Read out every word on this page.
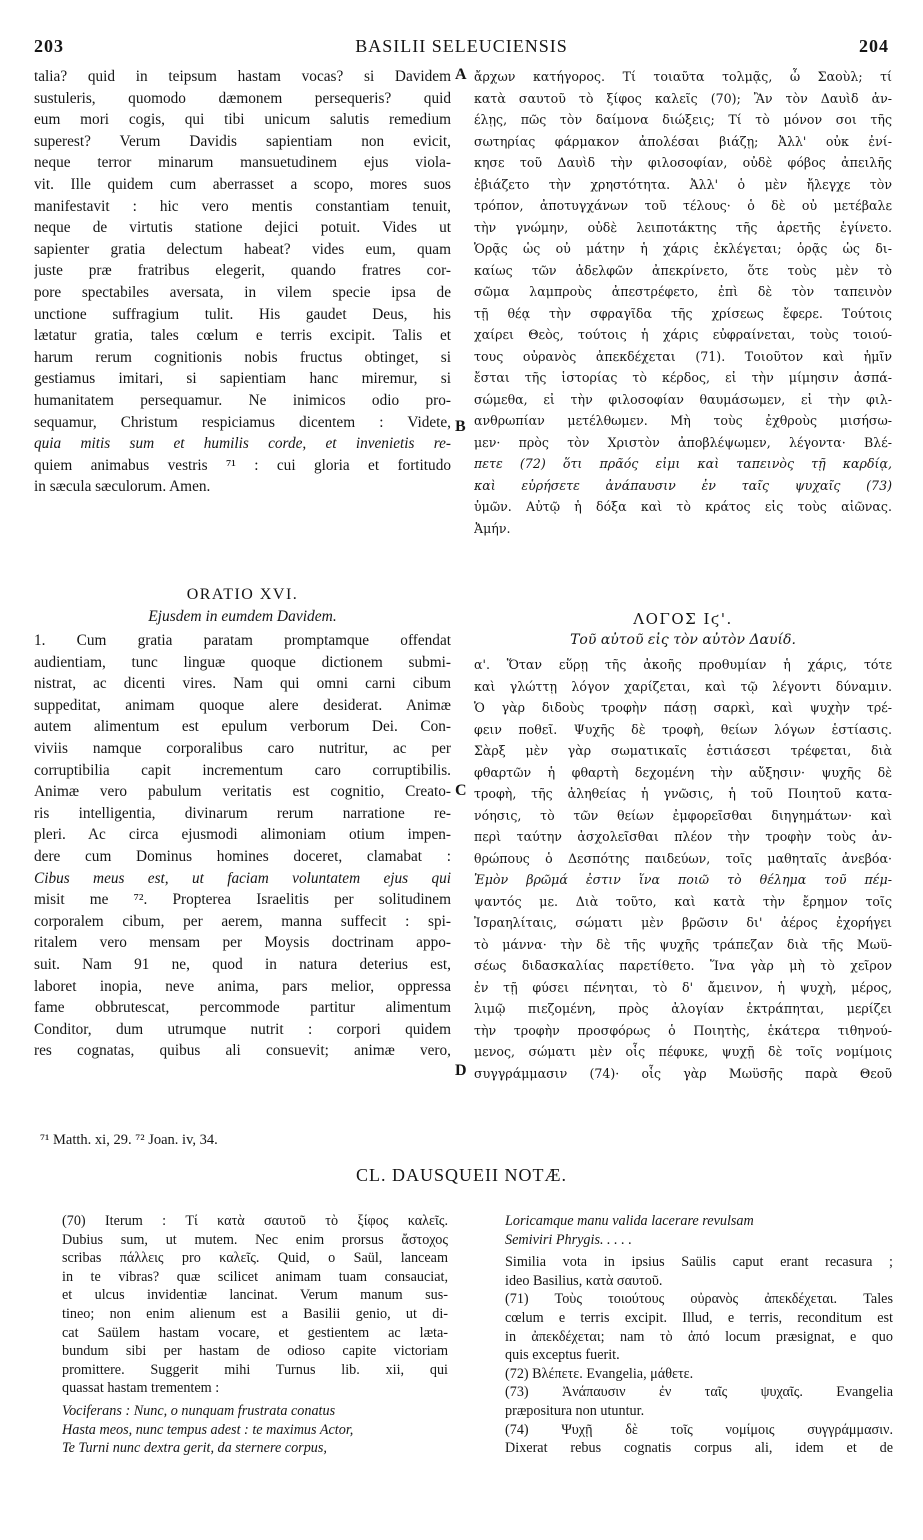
203	BASILII SELEUCIENSIS	204
talia? quid in teipsum hastam vocas? si Davidem
sustuleris, quomodo dæmonem persequeris? quid
eum mori cogis, qui tibi unicum salutis remedium
superest? Verum Davidis sapientiam non evicit,
neque terror minarum mansuetudinem ejus viola-
vit. Ille quidem cum aberrasset a scopo, mores suos
manifestavit : hic vero mentis constantiam tenuit,
neque de virtutis statione dejici potuit. Vides ut
sapienter gratia delectum habeat? vides eum, quam
juste præ fratribus elegerit, quando fratres cor-
pore spectabiles aversata, in vilem specie ipsa de
unctione suffragium tulit. His gaudet Deus, his
lætatur gratia, tales cœlum e terris excipit. Talis et
harum rerum cognitionis nobis fructus obtinget, si
gestiamus imitari, si sapientiam hanc miremur, si
humanitatem persequamur. Ne inimicos odio pro-
sequamur, Christum respiciamus dicentem : Videte,
quia mitis sum et humilis corde, et invenietis re-
quiem animabus vestris ⁷¹ : cui gloria et fortitudo
in sæcula sæculorum. Amen.
ORATIO XVI.
Ejusdem in eumdem Davidem.
1. Cum gratia paratam promptamque offendat
audientiam, tunc linguæ quoque dictionem submi-
nistrat, ac dicenti vires. Nam qui omni carni cibum
suppeditat, animam quoque alere desiderat. Animæ
autem alimentum est epulum verborum Dei. Con-
viviis namque corporalibus caro nutritur, ac per
corruptibilia capit incrementum caro corruptibilis.
Animæ vero pabulum veritatis est cognitio, Creato-
ris intelligentia, divinarum rerum narratione re-
pleri. Ac circa ejusmodi alimoniam otium impen-
dere cum Dominus homines doceret, clamabat :
Cibus meus est, ut faciam voluntatem ejus qui
misit me ⁷². Propterea Israelitis per solitudinem
corporalem cibum, per aerem, manna suffecit : spi-
ritalem vero mensam per Moysis doctrinam appo-
suit. Nam 91 ne, quod in natura deterius est,
laboret inopia, neve anima, pars melior, oppressa
fame obbrutescat, percommode partitur alimentum
Conditor, dum utrumque nutrit : corpori quidem
res cognatas, quibus ali consuevit; animæ vero,
A
B
C
D
ἄρχων κατήγορος. Τί τοιαῦτα τολμᾷς, ὦ Σαοὺλ; τί
κατὰ σαυτοῦ τὸ ξίφος καλεῖς (70); Ἂν τὸν Δαυὶδ ἀν-
έλῃς, πῶς τὸν δαίμονα διώξεις; Τί τὸ μόνον σοι τῆς
σωτηρίας φάρμακον ἀπολέσαι βιάζῃ; Ἀλλ' οὐκ ἐνί-
κησε τοῦ Δαυὶδ τὴν φιλοσοφίαν, οὐδὲ φόβος ἀπειλῆς
ἐβιάζετο τὴν χρηστότητα. Ἀλλ' ὁ μὲν ἤλεγχε τὸν
τρόπον, ἀποτυγχάνων τοῦ τέλους· ὁ δὲ οὐ μετέβαλε
τὴν γνώμην, οὐδὲ λειποτάκτης τῆς ἀρετῆς ἐγίνετο.
Ὁρᾷς ὡς οὐ μάτην ἡ χάρις ἐκλέγεται; ὁρᾷς ὡς δι-
καίως τῶν ἀδελφῶν ἀπεκρίνετο, ὅτε τοὺς μὲν τὸ
σῶμα λαμπροὺς ἀπεστρέφετο, ἐπὶ δὲ τὸν ταπεινὸν
τῇ θέᾳ τὴν σφραγῖδα τῆς χρίσεως ἔφερε. Τούτοις
χαίρει Θεὸς, τούτοις ἡ χάρις εὐφραίνεται, τοὺς τοιού-
τους οὐρανὸς ἀπεκδέχεται (71). Τοιοῦτον καὶ ἡμῖν
ἔσται τῆς ἱστορίας τὸ κέρδος, εἰ τὴν μίμησιν ἀσπά-
σώμεθα, εἰ τὴν φιλοσοφίαν θαυμάσωμεν, εἰ τὴν φιλ-
ανθρωπίαν μετέλθωμεν. Μὴ τοὺς ἐχθροὺς μισήσω-
μεν· πρὸς τὸν Χριστὸν ἀποβλέψωμεν, λέγοντα· Βλέ-
πετε (72) ὅτι πρᾶός εἰμι καὶ ταπεινὸς τῇ καρδίᾳ,
καὶ εὑρήσετε ἀνάπαυσιν ἐν ταῖς ψυχαῖς (73)
ὑμῶν. Αὐτῷ ἡ δόξα καὶ τὸ κράτος εἰς τοὺς αἰῶνας.
Ἀμήν.
ΛΟΓΟΣ Ιϛ'.
Τοῦ αὐτοῦ εἰς τὸν αὐτὸν Δαυίδ.
α'. Ὅταν εὕρῃ τῆς ἀκοῆς προθυμίαν ἡ χάρις, τότε
καὶ γλώττῃ λόγον χαρίζεται, καὶ τῷ λέγοντι δύναμιν.
Ὁ γὰρ διδοὺς τροφὴν πάσῃ σαρκὶ, καὶ ψυχὴν τρέ-
φειν ποθεῖ. Ψυχῆς δὲ τροφὴ, θείων λόγων ἑστίασις.
Σὰρξ μὲν γὰρ σωματικαῖς ἑστιάσεσι τρέφεται, διὰ
φθαρτῶν ἡ φθαρτὴ δεχομένη τὴν αὔξησιν· ψυχῆς δὲ
τροφὴ, τῆς ἀληθείας ἡ γνῶσις, ἡ τοῦ Ποιητοῦ κατα-
νόησις, τὸ τῶν θείων ἐμφορεῖσθαι διηγημάτων· καὶ
περὶ ταύτην ἀσχολεῖσθαι πλέον τὴν τροφὴν τοὺς ἀν-
θρώπους ὁ Δεσπότης παιδεύων, τοῖς μαθηταῖς ἀνεβόα·
Ἐμὸν βρῶμά ἐστιν ἵνα ποιῶ τὸ θέλημα τοῦ πέμ-
ψαντός με. Διὰ τοῦτο, καὶ κατὰ τὴν ἔρημον τοῖς
Ἰσραηλίταις, σώματι μὲν βρῶσιν δι' ἀέρος ἐχορήγει
τὸ μάννα· τὴν δὲ τῆς ψυχῆς τράπεζαν διὰ τῆς Μωϋ-
σέως διδασκαλίας παρετίθετο. Ἵνα γὰρ μὴ τὸ χεῖρον
ἐν τῇ φύσει πένηται, τὸ δ' ἄμεινον, ἡ ψυχὴ, μέρος,
λιμῷ πιεζομένη, πρὸς ἀλογίαν ἐκτράπηται, μερίζει
τὴν τροφὴν προσφόρως ὁ Ποιητὴς, ἑκάτερα τιθηνού-
μενος, σώματι μὲν οἷς πέφυκε, ψυχῇ δὲ τοῖς νομίμοις
συγγράμμασιν (74)· οἷς γὰρ Μωϋσῆς παρὰ Θεοῦ
⁷¹ Matth. xi, 29. ⁷² Joan. iv, 34.
CL. DAUSQUEII NOTÆ.
(70) Iterum : Τί κατὰ σαυτοῦ τὸ ξίφος καλεῖς.
Dubius sum, ut mutem. Nec enim prorsus ἄστοχος
scribas πάλλεις pro καλεῖς. Quid, o Saül, lanceam
in te vibras? quæ scilicet animam tuam consauciat,
et ulcus invidentiæ lancinat. Verum manum sus-
tineo; non enim alienum est a Basilii genio, ut di-
cat Saülem hastam vocare, et gestientem ac læta-
bundum sibi per hastam de odioso capite victoriam
promittere. Suggerit mihi Turnus lib. xii, qui
quassat hastam trementem :
Vociferans : Nunc, o nunquam frustrata conatus
Hasta meos, nunc tempus adest : te maximus Actor,
Te Turni nunc dextra gerit, da sternere corpus,
Loricamque manu valida lacerare revulsam
Semiviri Phrygis. . . . .
Similia vota in ipsius Saülis caput erant recasura ;
ideo Basilius, κατὰ σαυτοῦ.
(71) Τοὺς τοιούτους οὐρανὸς ἀπεκδέχεται. Tales
cœlum e terris excipit. Illud, e terris, reconditum est
in ἀπεκδέχεται; nam τὸ ἀπό locum præsignat, e quo
quis exceptus fuerit.
(72) Βλέπετε. Evangelia, μάθετε.
(73) Ἀνάπαυσιν ἐν ταῖς ψυχαῖς. Evangelia
præpositura non utuntur.
(74) Ψυχῇ δὲ τοῖς νομίμοις συγγράμμασιν.
Dixerat rebus cognatis corpus ali, idem et de
